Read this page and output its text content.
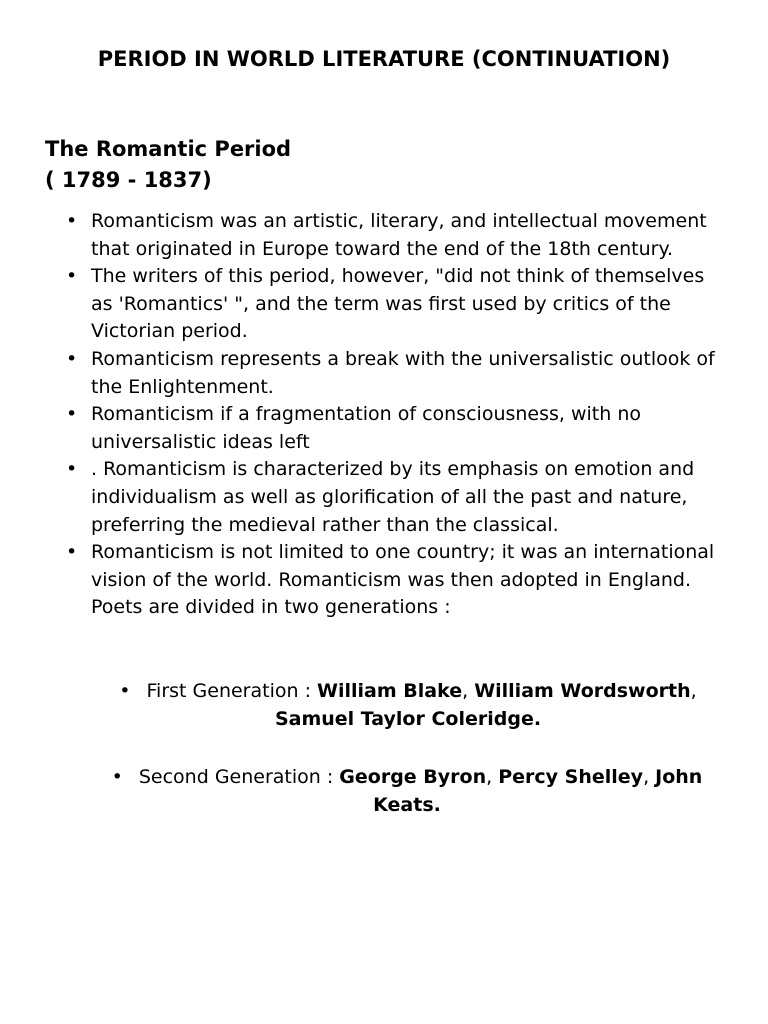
PERIOD IN WORLD LITERATURE (CONTINUATION)
The Romantic Period
( 1789 - 1837)
• Romanticism was an artistic, literary, and intellectual movement that originated in Europe toward the end of the 18th century.
• The writers of this period, however, "did not think of themselves as 'Romantics' ", and the term was first used by critics of the Victorian period.
• Romanticism represents a break with the universalistic outlook of the Enlightenment.
• Romanticism if a fragmentation of consciousness, with no universalistic ideas left
• . Romanticism is characterized by its emphasis on emotion and individualism as well as glorification of all the past and nature, preferring the medieval rather than the classical.
• Romanticism is not limited to one country; it was an international vision of the world. Romanticism was then adopted in England. Poets are divided in two generations :

• First Generation : William Blake, William Wordsworth, Samuel Taylor Coleridge.

• Second Generation : George Byron, Percy Shelley, John Keats.
